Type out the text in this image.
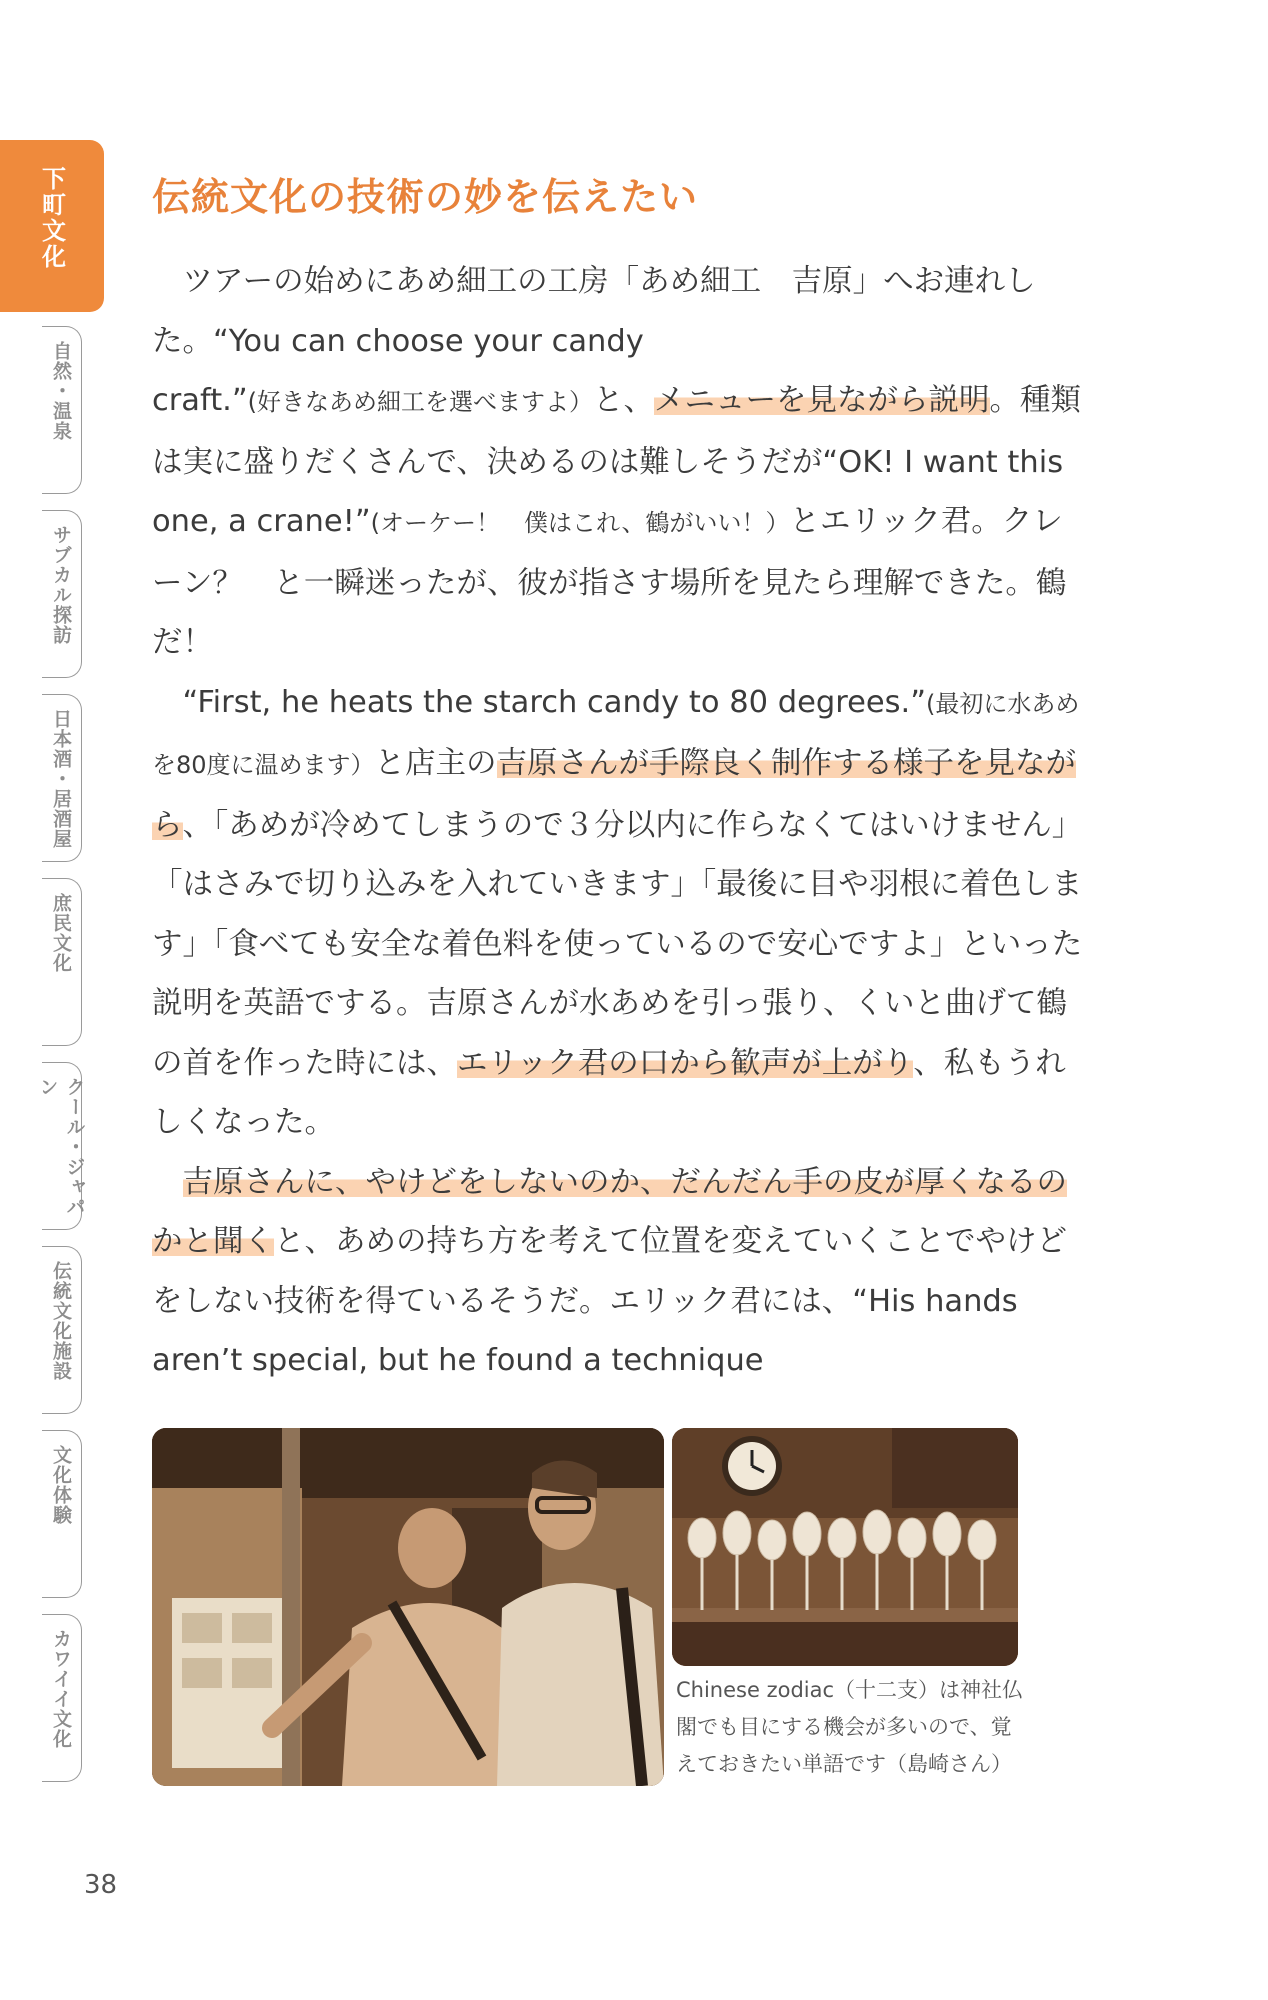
下町文化
自然・温泉
サブカル探訪
日本酒・居酒屋
庶民文化
クール・ジャパン
伝統文化施設
文化体験
カワイイ文化
伝統文化の技術の妙を伝えたい

ツアーの始めにあめ細工の工房「あめ細工　吉原」へお連れした。“You can choose your candy craft.”(好きなあめ細工を選べますよ）と、メニューを見ながら説明。種類は実に盛りだくさんで、決めるのは難しそうだが“OK! I want this one, a crane!”(オーケー！　僕はこれ、鶴がいい！）とエリック君。クレーン？　と一瞬迷ったが、彼が指さす場所を見たら理解できた。鶴だ！

“First, he heats the starch candy to 80 degrees.”(最初に水あめを80度に温めます）と店主の吉原さんが手際良く制作する様子を見ながら、「あめが冷めてしまうので３分以内に作らなくてはいけません」「はさみで切り込みを入れていきます」「最後に目や羽根に着色します」「食べても安全な着色料を使っているので安心ですよ」といった説明を英語でする。吉原さんが水あめを引っ張り、くいと曲げて鶴の首を作った時には、エリック君の口から歓声が上がり、私もうれしくなった。

吉原さんに、やけどをしないのか、だんだん手の皮が厚くなるのかと聞くと、あめの持ち方を考えて位置を変えていくことでやけどをしない技術を得ているそうだ。エリック君には、“His hands aren’t special, but he found a technique

Chinese zodiac（十二支）は神社仏閣でも目にする機会が多いので、覚えておきたい単語です（島崎さん）
38
